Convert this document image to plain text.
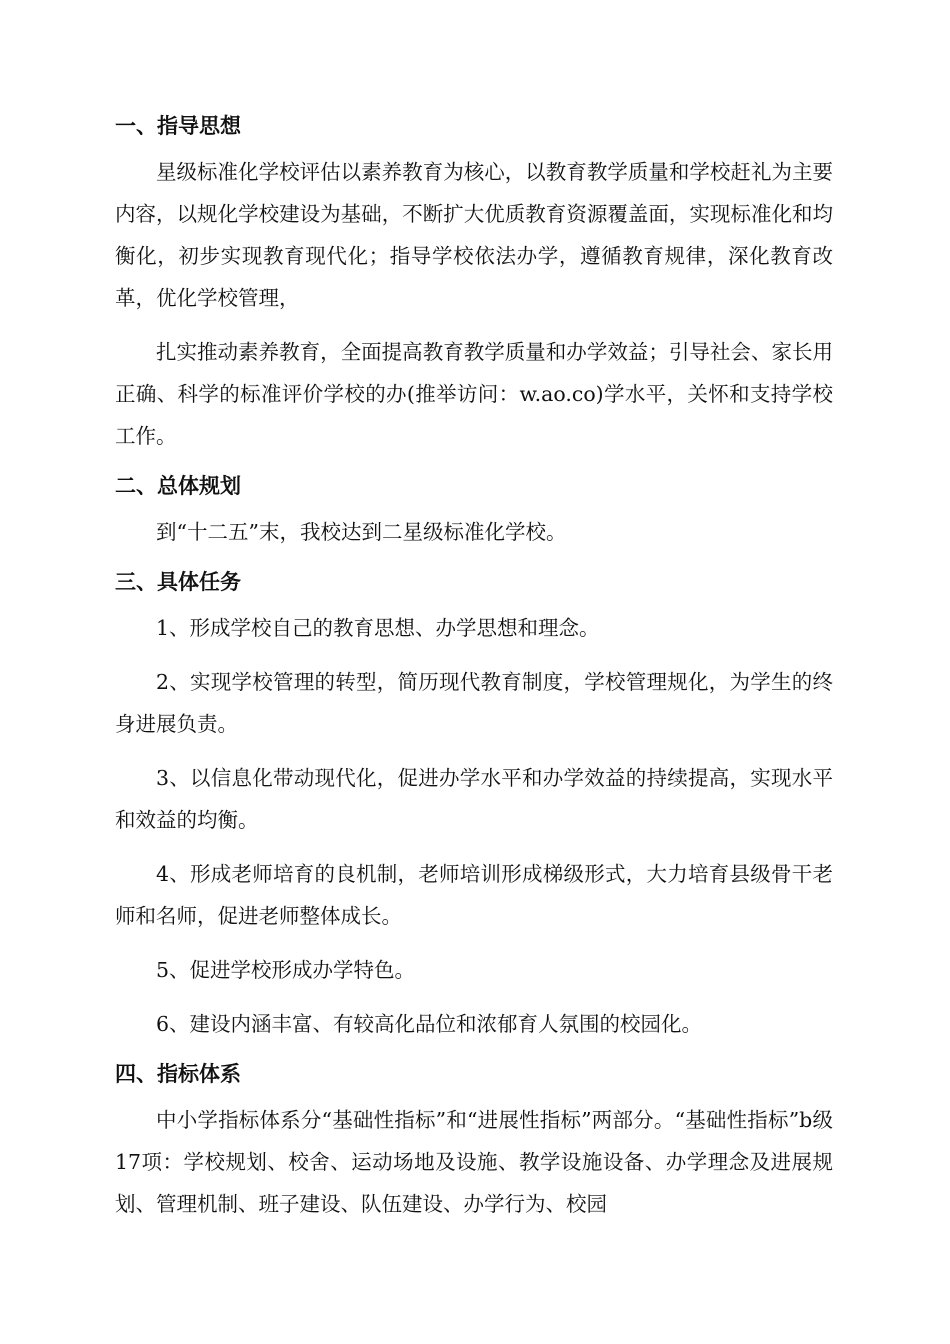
一、指导思想

星级标准化学校评估以素养教育为核心，以教育教学质量和学校赶礼为主要内容，以规化学校建设为基础，不断扩大优质教育资源覆盖面，实现标准化和均衡化，初步实现教育现代化；指导学校依法办学，遵循教育规律，深化教育改革，优化学校管理，

扎实推动素养教育，全面提高教育教学质量和办学效益；引导社会、家长用正确、科学的标准评价学校的办(推举访问：w.ao.co)学水平，关怀和支持学校工作。

二、总体规划

到“十二五”末，我校达到二星级标准化学校。

三、具体任务

1、形成学校自己的教育思想、办学思想和理念。

2、实现学校管理的转型，简历现代教育制度，学校管理规化，为学生的终身进展负责。

3、以信息化带动现代化，促进办学水平和办学效益的持续提高，实现水平和效益的均衡。

4、形成老师培育的良机制，老师培训形成梯级形式，大力培育县级骨干老师和名师，促进老师整体成长。

5、促进学校形成办学特色。

6、建设内涵丰富、有较高化品位和浓郁育人氛围的校园化。

四、指标体系

中小学指标体系分“基础性指标”和“进展性指标”两部分。“基础性指标”b级17项：学校规划、校舍、运动场地及设施、教学设施设备、办学理念及进展规划、管理机制、班子建设、队伍建设、办学行为、校园
